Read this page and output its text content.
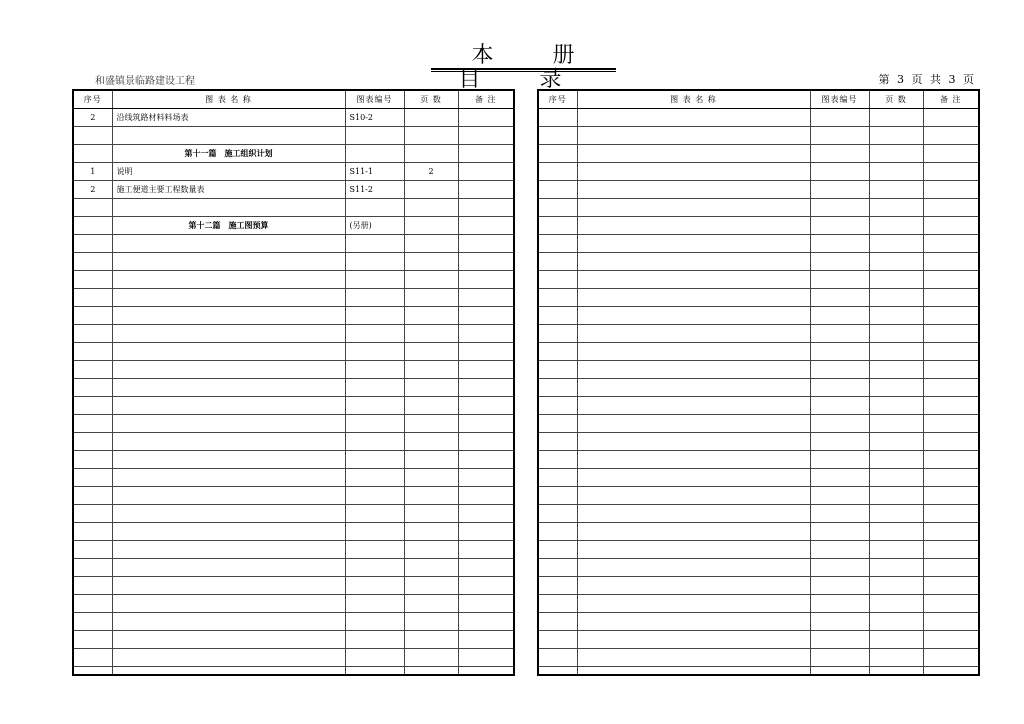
本 册 目 录
和盛镇景临路建设工程	第 3 页 共 3 页
序号	图 表 名 称	图表编号	页 数	备 注
2	沿线筑路材料料场表	S10-2		

	第十一篇　施工组织计划			
1	说明	S11-1	2	
2	施工便道主要工程数量表	S11-2		

	第十二篇　施工图预算	(另册)		

序号	图 表 名 称	图表编号	页 数	备 注
